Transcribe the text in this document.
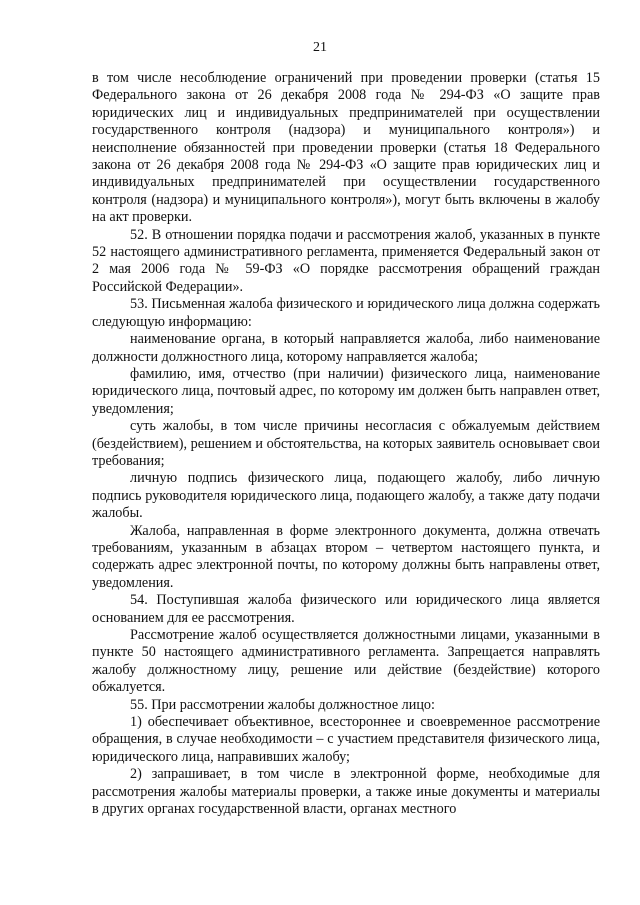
21

в том числе несоблюдение ограничений при проведении проверки (статья 15 Федерального закона от 26 декабря 2008 года № 294-ФЗ «О защите прав юридических лиц и индивидуальных предпринимателей при осуществлении государственного контроля (надзора) и муниципального контроля») и неисполнение обязанностей при проведении проверки (статья 18 Федерального закона от 26 декабря 2008 года № 294-ФЗ «О защите прав юридических лиц и индивидуальных предпринимателей при осуществлении государственного контроля (надзора) и муниципального контроля»), могут быть включены в жалобу на акт проверки.

52. В отношении порядка подачи и рассмотрения жалоб, указанных в пункте 52 настоящего административного регламента, применяется Федеральный закон от 2 мая 2006 года № 59-ФЗ «О порядке рассмотрения обращений граждан Российской Федерации».

53. Письменная жалоба физического и юридического лица должна содержать следующую информацию:

наименование органа, в который направляется жалоба, либо наименование должности должностного лица, которому направляется жалоба;

фамилию, имя, отчество (при наличии) физического лица, наименование юридического лица, почтовый адрес, по которому им должен быть направлен ответ, уведомления;

суть жалобы, в том числе причины несогласия с обжалуемым действием (бездействием), решением и обстоятельства, на которых заявитель основывает свои требования;

личную подпись физического лица, подающего жалобу, либо личную подпись руководителя юридического лица, подающего жалобу, а также дату подачи жалобы.

Жалоба, направленная в форме электронного документа, должна отвечать требованиям, указанным в абзацах втором – четвертом настоящего пункта, и содержать адрес электронной почты, по которому должны быть направлены ответ, уведомления.

54. Поступившая жалоба физического или юридического лица является основанием для ее рассмотрения.

Рассмотрение жалоб осуществляется должностными лицами, указанными в пункте 50 настоящего административного регламента. Запрещается направлять жалобу должностному лицу, решение или действие (бездействие) которого обжалуется.

55. При рассмотрении жалобы должностное лицо:

1) обеспечивает объективное, всестороннее и своевременное рассмотрение обращения, в случае необходимости – с участием представителя физического лица, юридического лица, направивших жалобу;

2) запрашивает, в том числе в электронной форме, необходимые для рассмотрения жалобы материалы проверки, а также иные документы и материалы в других органах государственной власти, органах местного
